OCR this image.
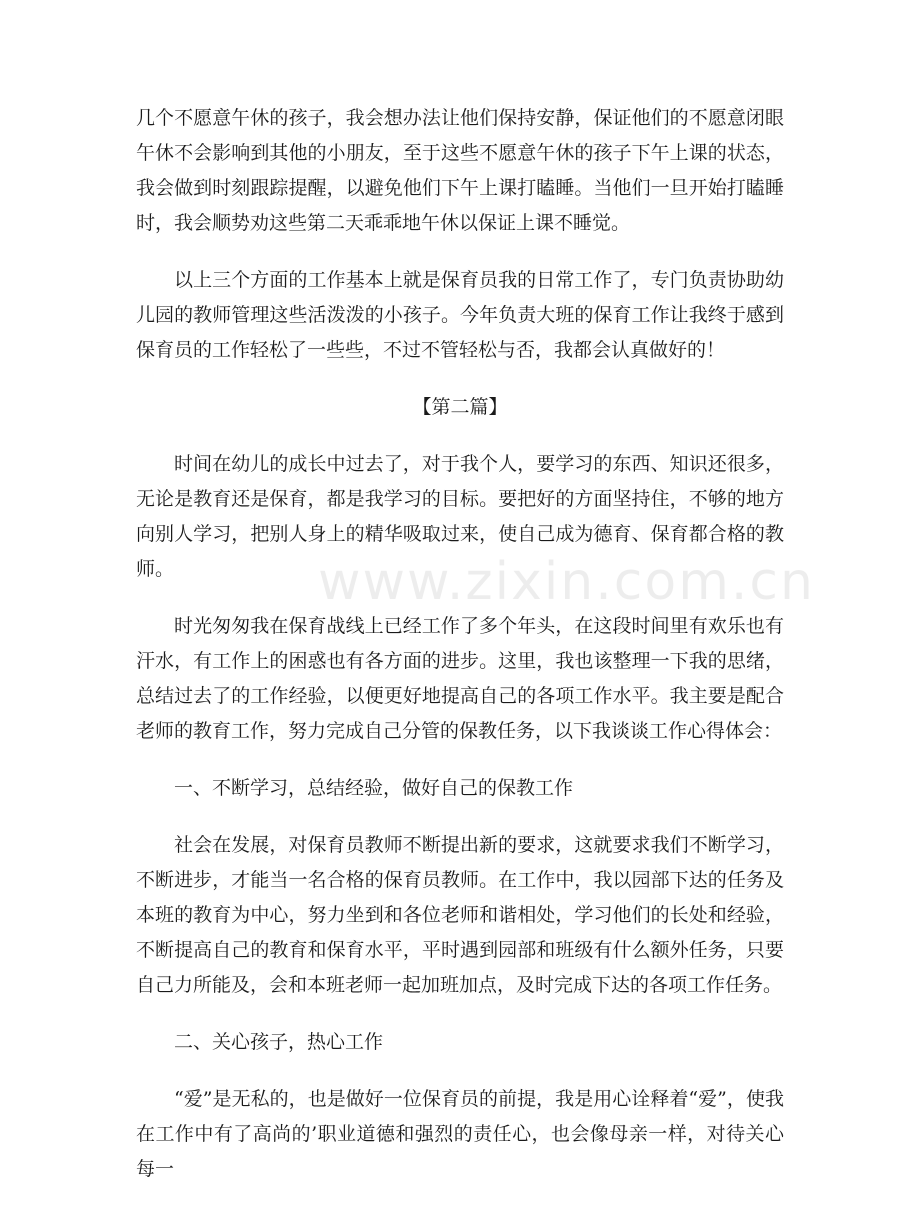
几个不愿意午休的孩子，我会想办法让他们保持安静，保证他们的不愿意闭眼午休不会影响到其他的小朋友，至于这些不愿意午休的孩子下午上课的状态，我会做到时刻跟踪提醒，以避免他们下午上课打瞌睡。当他们一旦开始打瞌睡时，我会顺势劝这些第二天乖乖地午休以保证上课不睡觉。

以上三个方面的工作基本上就是保育员我的日常工作了，专门负责协助幼儿园的教师管理这些活泼泼的小孩子。今年负责大班的保育工作让我终于感到保育员的工作轻松了一些些，不过不管轻松与否，我都会认真做好的！

【第二篇】

时间在幼儿的成长中过去了，对于我个人，要学习的东西、知识还很多，无论是教育还是保育，都是我学习的目标。要把好的方面坚持住，不够的地方向别人学习，把别人身上的精华吸取过来，使自己成为德育、保育都合格的教师。

时光匆匆我在保育战线上已经工作了多个年头，在这段时间里有欢乐也有汗水，有工作上的困惑也有各方面的进步。这里，我也该整理一下我的思绪，总结过去了的工作经验，以便更好地提高自己的各项工作水平。我主要是配合老师的教育工作，努力完成自己分管的保教任务，以下我谈谈工作心得体会：

一、不断学习，总结经验，做好自己的保教工作

社会在发展，对保育员教师不断提出新的要求，这就要求我们不断学习，不断进步，才能当一名合格的保育员教师。在工作中，我以园部下达的任务及本班的教育为中心，努力坐到和各位老师和谐相处，学习他们的长处和经验，不断提高自己的教育和保育水平，平时遇到园部和班级有什么额外任务，只要自己力所能及，会和本班老师一起加班加点，及时完成下达的各项工作任务。

二、关心孩子，热心工作

“爱”是无私的，也是做好一位保育员的前提，我是用心诠释着“爱”，使我在工作中有了高尚的’职业道德和强烈的责任心，也会像母亲一样，对待关心每一

www.zixin.com.cn
